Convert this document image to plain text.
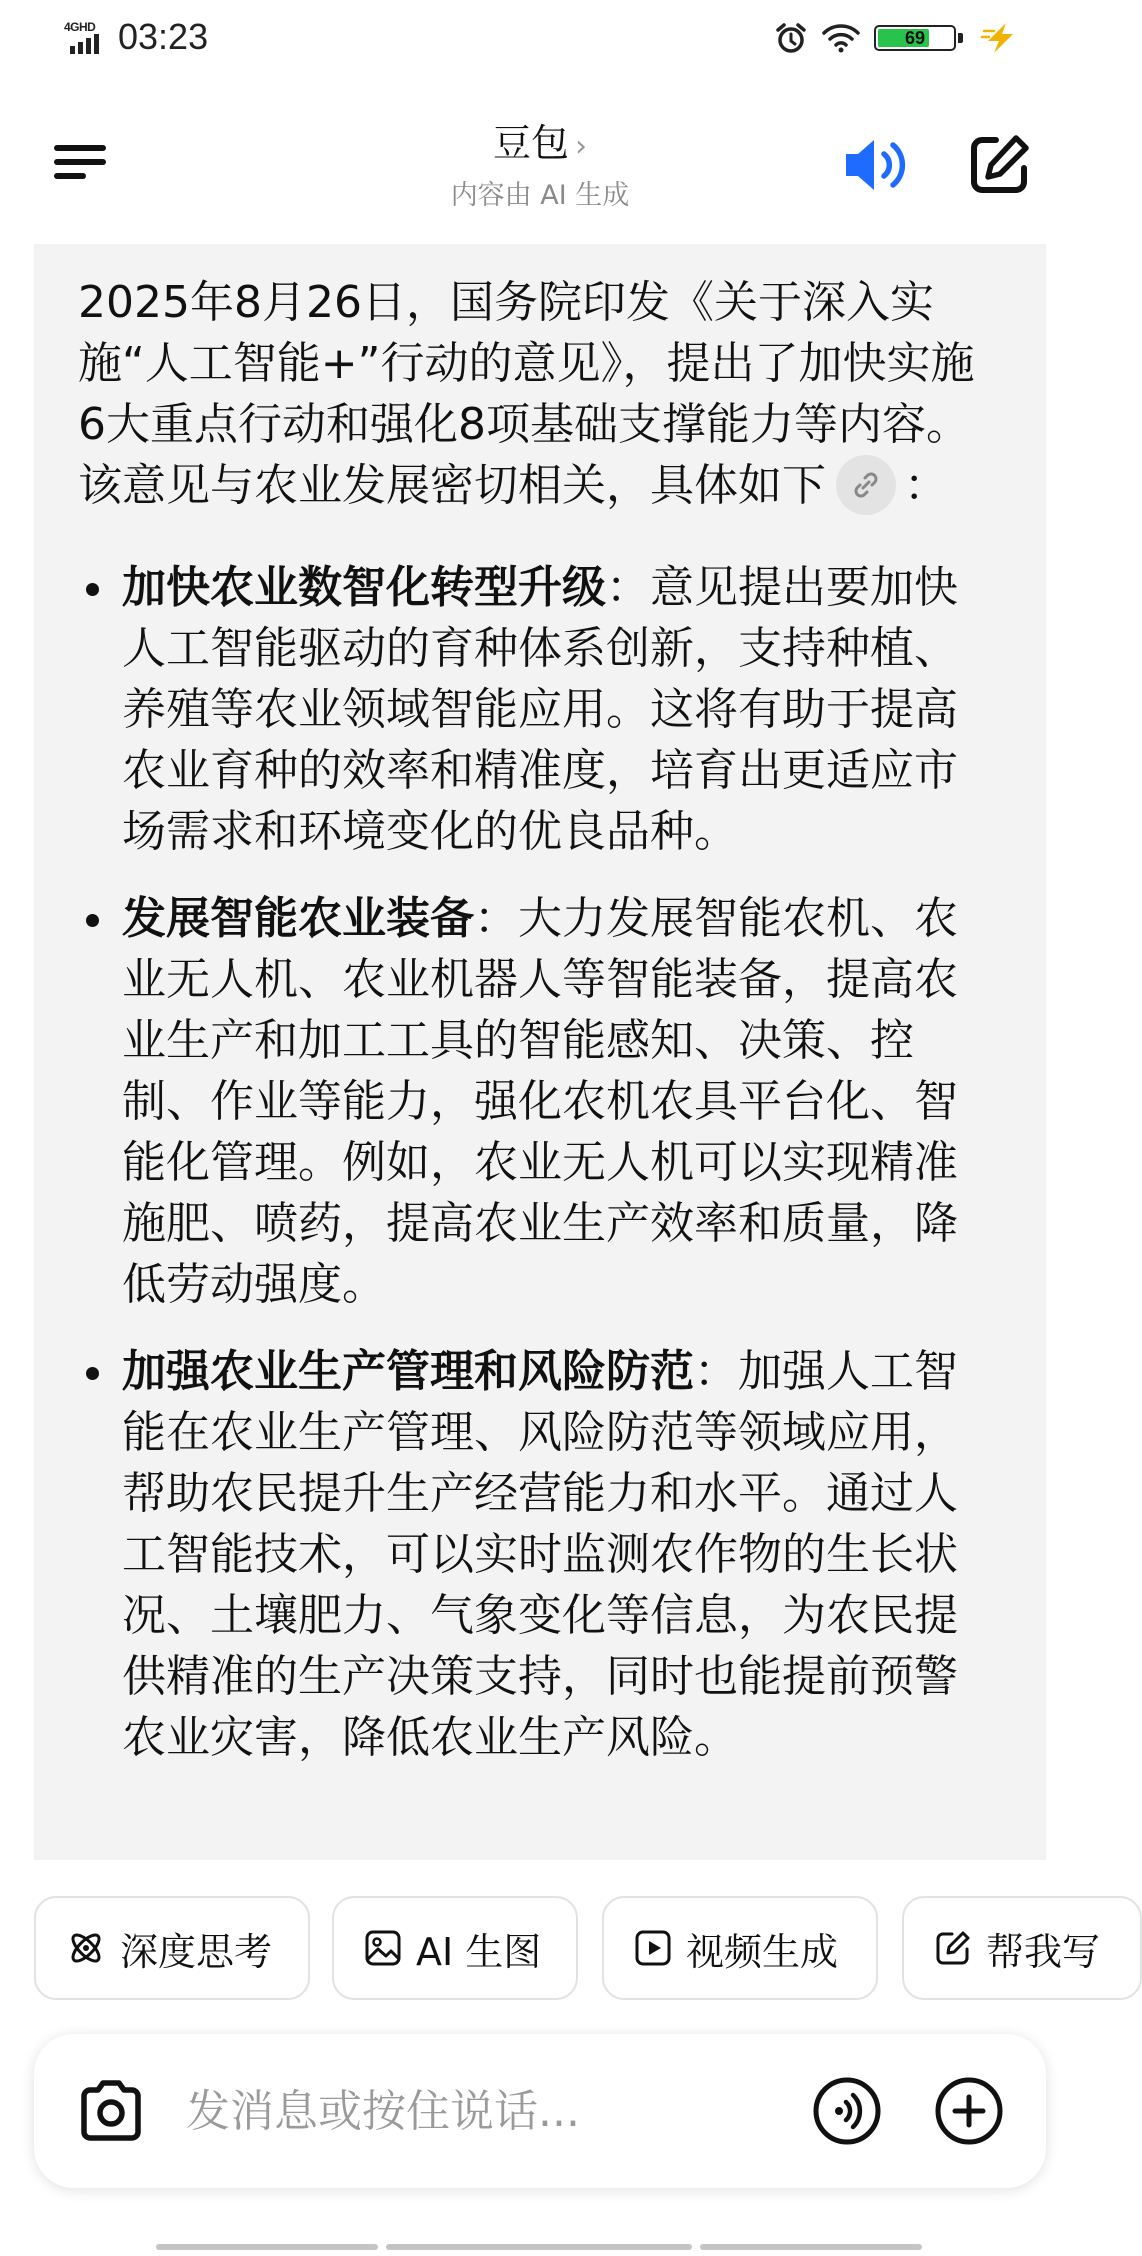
4GHD 03:23	69
豆包 ›
内容由 AI 生成

2025年8月26日，国务院印发《关于深入实施“人工智能+”行动的意见》，提出了加快实施6大重点行动和强化8项基础支撑能力等内容。该意见与农业发展密切相关，具体如下 ：

加快农业数智化转型升级：意见提出要加快人工智能驱动的育种体系创新，支持种植、养殖等农业领域智能应用。这将有助于提高农业育种的效率和精准度，培育出更适应市场需求和环境变化的优良品种。
发展智能农业装备：大力发展智能农机、农业无人机、农业机器人等智能装备，提高农业生产和加工工具的智能感知、决策、控制、作业等能力，强化农机农具平台化、智能化管理。例如，农业无人机可以实现精准施肥、喷药，提高农业生产效率和质量，降低劳动强度。
加强农业生产管理和风险防范：加强人工智能在农业生产管理、风险防范等领域应用，帮助农民提升生产经营能力和水平。通过人工智能技术，可以实时监测农作物的生长状况、土壤肥力、气象变化等信息，为农民提供精准的生产决策支持，同时也能提前预警农业灾害，降低农业生产风险。
深度思考	AI 生图	视频生成	帮我写
发消息或按住说话...
